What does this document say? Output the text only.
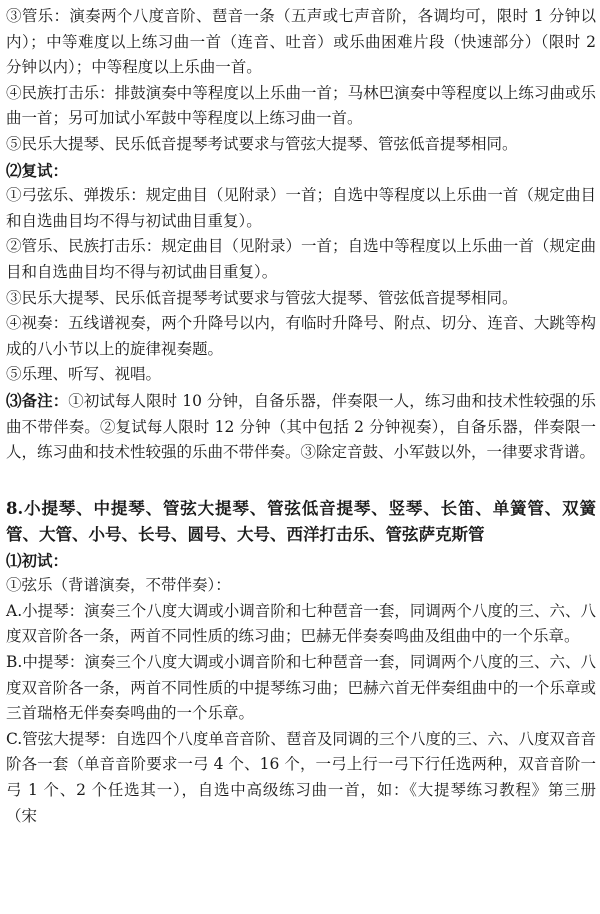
③管乐：演奏两个八度音阶、琶音一条（五声或七声音阶，各调均可，限时 1 分钟以内）；中等难度以上练习曲一首（连音、吐音）或乐曲困难片段（快速部分）（限时 2 分钟以内）；中等程度以上乐曲一首。

④民族打击乐：排鼓演奏中等程度以上乐曲一首；马林巴演奏中等程度以上练习曲或乐曲一首；另可加试小军鼓中等程度以上练习曲一首。

⑤民乐大提琴、民乐低音提琴考试要求与管弦大提琴、管弦低音提琴相同。

⑵复试：

①弓弦乐、弹拨乐：规定曲目（见附录）一首；自选中等程度以上乐曲一首（规定曲目和自选曲目均不得与初试曲目重复）。

②管乐、民族打击乐：规定曲目（见附录）一首；自选中等程度以上乐曲一首（规定曲目和自选曲目均不得与初试曲目重复）。

③民乐大提琴、民乐低音提琴考试要求与管弦大提琴、管弦低音提琴相同。

④视奏：五线谱视奏，两个升降号以内，有临时升降号、附点、切分、连音、大跳等构成的八小节以上的旋律视奏题。

⑤乐理、听写、视唱。

⑶备注：①初试每人限时 10 分钟，自备乐器，伴奏限一人，练习曲和技术性较强的乐曲不带伴奏。②复试每人限时 12 分钟（其中包括 2 分钟视奏），自备乐器，伴奏限一人，练习曲和技术性较强的乐曲不带伴奏。③除定音鼓、小军鼓以外，一律要求背谱。

8.小提琴、中提琴、管弦大提琴、管弦低音提琴、竖琴、长笛、单簧管、双簧管、大管、小号、长号、圆号、大号、西洋打击乐、管弦萨克斯管

⑴初试：

①弦乐（背谱演奏，不带伴奏）：

A.小提琴：演奏三个八度大调或小调音阶和七种琶音一套，同调两个八度的三、六、八度双音阶各一条，两首不同性质的练习曲；巴赫无伴奏奏鸣曲及组曲中的一个乐章。

B.中提琴：演奏三个八度大调或小调音阶和七种琶音一套，同调两个八度的三、六、八度双音阶各一条，两首不同性质的中提琴练习曲；巴赫六首无伴奏组曲中的一个乐章或三首瑞格无伴奏奏鸣曲的一个乐章。

C.管弦大提琴：自选四个八度单音音阶、琶音及同调的三个八度的三、六、八度双音音阶各一套（单音音阶要求一弓 4 个、16 个，一弓上行一弓下行任选两种，双音音阶一弓 1 个、2 个任选其一），自选中高级练习曲一首，如：《大提琴练习教程》第三册（宋
